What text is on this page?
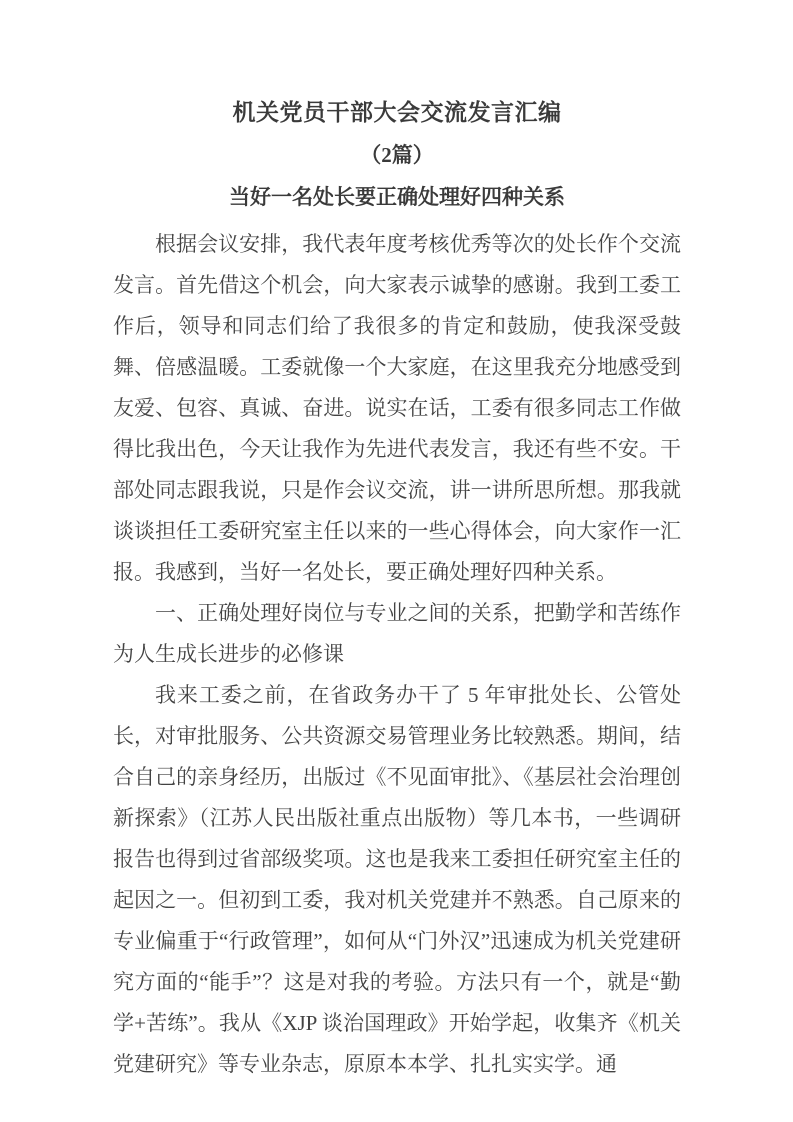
机关党员干部大会交流发言汇编
（2篇）
当好一名处长要正确处理好四种关系

根据会议安排，我代表年度考核优秀等次的处长作个交流发言。首先借这个机会，向大家表示诚挚的感谢。我到工委工作后，领导和同志们给了我很多的肯定和鼓励，使我深受鼓舞、倍感温暖。工委就像一个大家庭，在这里我充分地感受到友爱、包容、真诚、奋进。说实在话，工委有很多同志工作做得比我出色，今天让我作为先进代表发言，我还有些不安。干部处同志跟我说，只是作会议交流，讲一讲所思所想。那我就谈谈担任工委研究室主任以来的一些心得体会，向大家作一汇报。我感到，当好一名处长，要正确处理好四种关系。

一、正确处理好岗位与专业之间的关系，把勤学和苦练作为人生成长进步的必修课

我来工委之前，在省政务办干了 5 年审批处长、公管处长，对审批服务、公共资源交易管理业务比较熟悉。期间，结合自己的亲身经历，出版过《不见面审批》、《基层社会治理创新探索》（江苏人民出版社重点出版物）等几本书，一些调研报告也得到过省部级奖项。这也是我来工委担任研究室主任的起因之一。但初到工委，我对机关党建并不熟悉。自己原来的专业偏重于“行政管理”，如何从“门外汉”迅速成为机关党建研究方面的“能手”？这是对我的考验。方法只有一个，就是“勤学+苦练”。我从《XJP 谈治国理政》开始学起，收集齐《机关党建研究》等专业杂志，原原本本学、扎扎实实学。通
